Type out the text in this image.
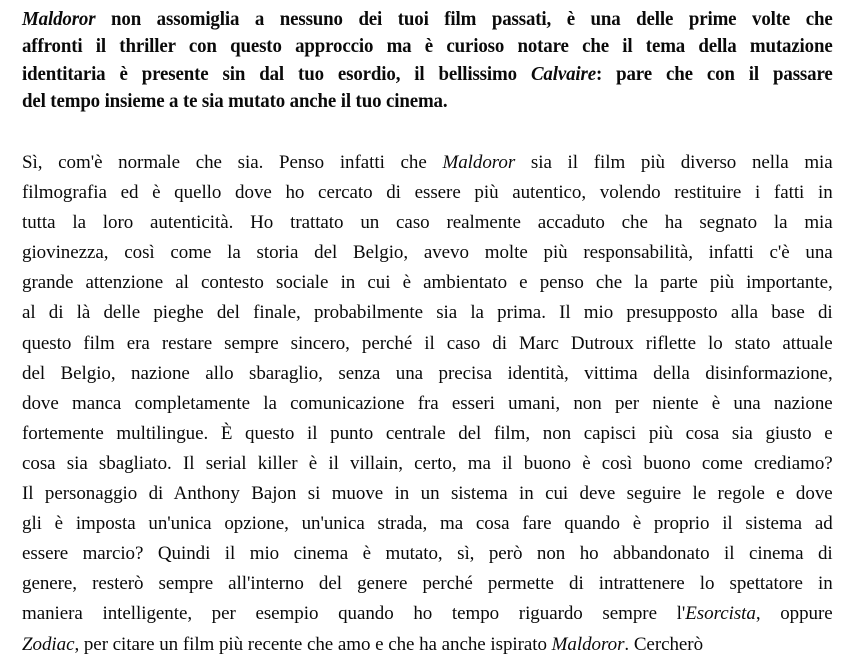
Maldoror non assomiglia a nessuno dei tuoi film passati, è una delle prime volte che
affronti il thriller con questo approccio ma è curioso notare che il tema della mutazione
identitaria è presente sin dal tuo esordio, il bellissimo Calvaire: pare che con il passare
del tempo insieme a te sia mutato anche il tuo cinema.
Sì, com'è normale che sia. Penso infatti che Maldoror sia il film più diverso nella mia
filmografia ed è quello dove ho cercato di essere più autentico, volendo restituire i fatti in
tutta la loro autenticità. Ho trattato un caso realmente accaduto che ha segnato la mia
giovinezza, così come la storia del Belgio, avevo molte più responsabilità, infatti c'è una
grande attenzione al contesto sociale in cui è ambientato e penso che la parte più importante,
al di là delle pieghe del finale, probabilmente sia la prima. Il mio presupposto alla base di
questo film era restare sempre sincero, perché il caso di Marc Dutroux riflette lo stato attuale
del Belgio, nazione allo sbaraglio, senza una precisa identità, vittima della disinformazione,
dove manca completamente la comunicazione fra esseri umani, non per niente è una nazione
fortemente multilingue. È questo il punto centrale del film, non capisci più cosa sia giusto e
cosa sia sbagliato. Il serial killer è il villain, certo, ma il buono è così buono come crediamo?
Il personaggio di Anthony Bajon si muove in un sistema in cui deve seguire le regole e dove
gli è imposta un'unica opzione, un'unica strada, ma cosa fare quando è proprio il sistema ad
essere marcio? Quindi il mio cinema è mutato, sì, però non ho abbandonato il cinema di
genere, resterò sempre all'interno del genere perché permette di intrattenere lo spettatore in
maniera intelligente, per esempio quando ho tempo riguardo sempre l'Esorcista, oppure
Zodiac, per citare un film più recente che amo e che ha anche ispirato Maldoror. Cercherò
